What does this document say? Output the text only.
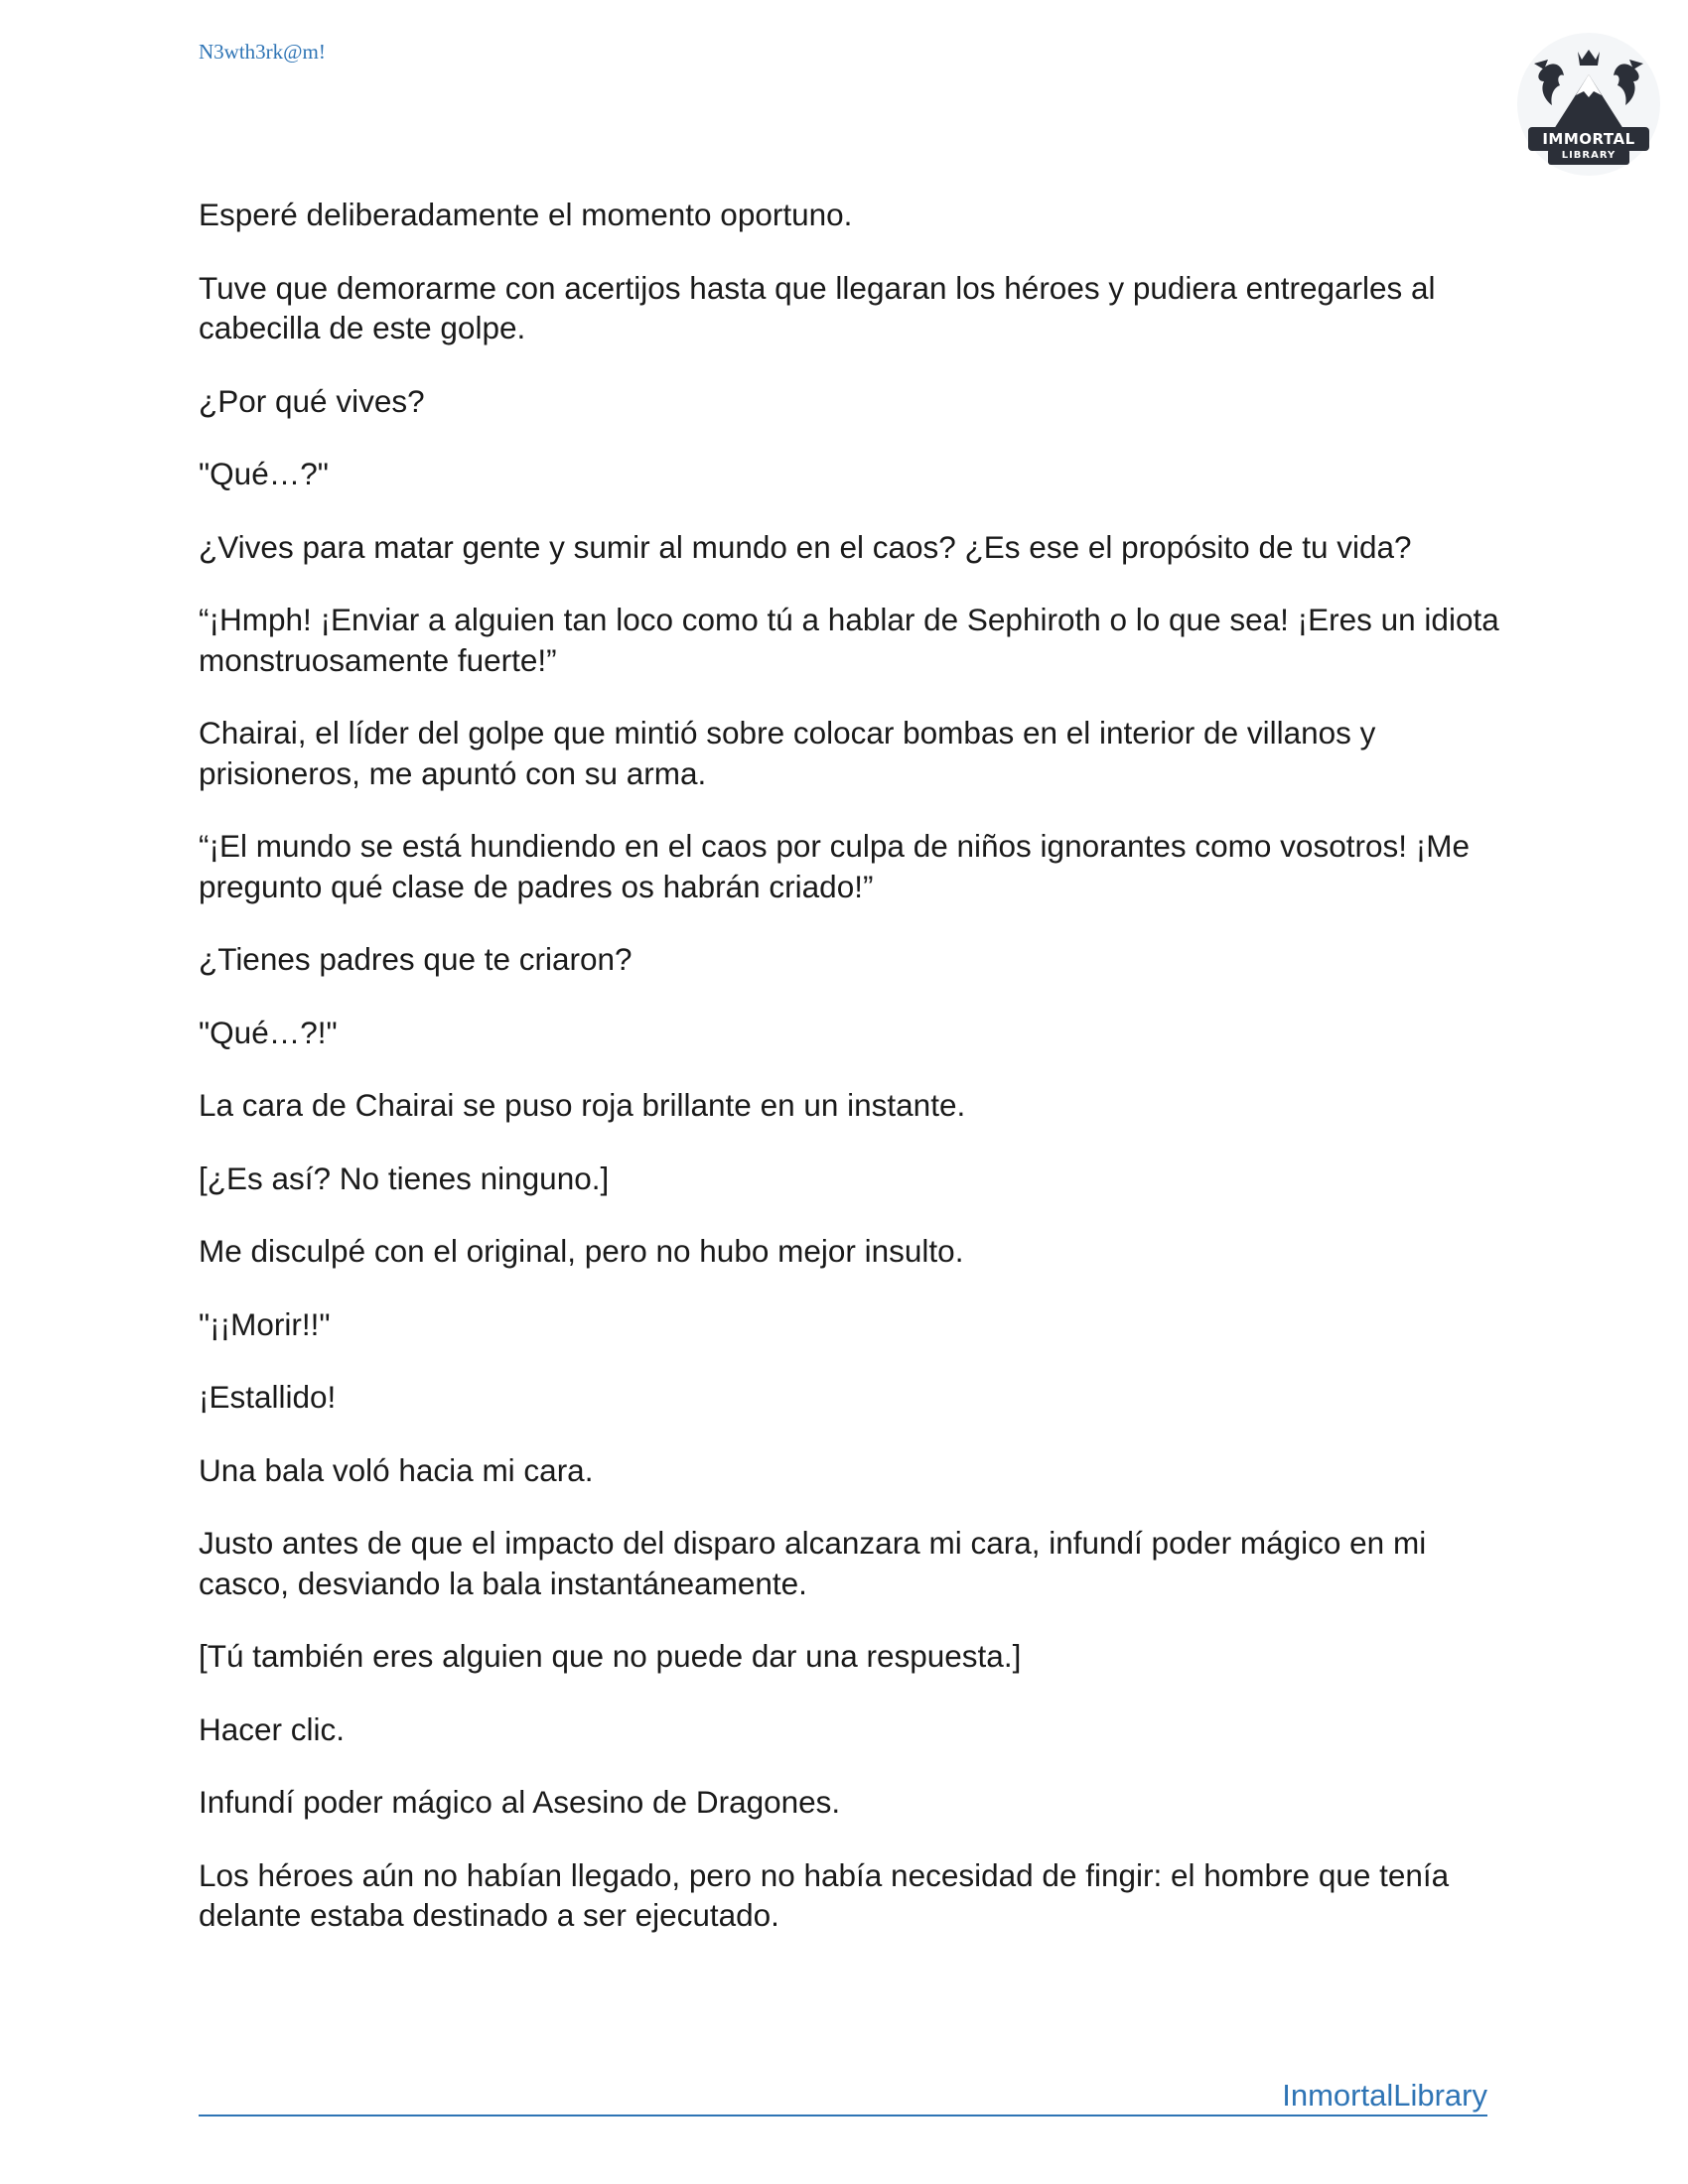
N3wth3rk@m!
IMMORTAL
LIBRARY

Esperé deliberadamente el momento oportuno.

Tuve que demorarme con acertijos hasta que llegaran los héroes y pudiera entregarles al cabecilla de este golpe.

¿Por qué vives?

"Qué…?"

¿Vives para matar gente y sumir al mundo en el caos? ¿Es ese el propósito de tu vida?

“¡Hmph! ¡Enviar a alguien tan loco como tú a hablar de Sephiroth o lo que sea! ¡Eres un idiota monstruosamente fuerte!”

Chairai, el líder del golpe que mintió sobre colocar bombas en el interior de villanos y prisioneros, me apuntó con su arma.

“¡El mundo se está hundiendo en el caos por culpa de niños ignorantes como vosotros! ¡Me pregunto qué clase de padres os habrán criado!”

¿Tienes padres que te criaron?

"Qué…?!"

La cara de Chairai se puso roja brillante en un instante.

[¿Es así? No tienes ninguno.]

Me disculpé con el original, pero no hubo mejor insulto.

"¡¡Morir!!"

¡Estallido!

Una bala voló hacia mi cara.

Justo antes de que el impacto del disparo alcanzara mi cara, infundí poder mágico en mi casco, desviando la bala instantáneamente.

[Tú también eres alguien que no puede dar una respuesta.]

Hacer clic.

Infundí poder mágico al Asesino de Dragones.

Los héroes aún no habían llegado, pero no había necesidad de fingir: el hombre que tenía delante estaba destinado a ser ejecutado.

InmortalLibrary
